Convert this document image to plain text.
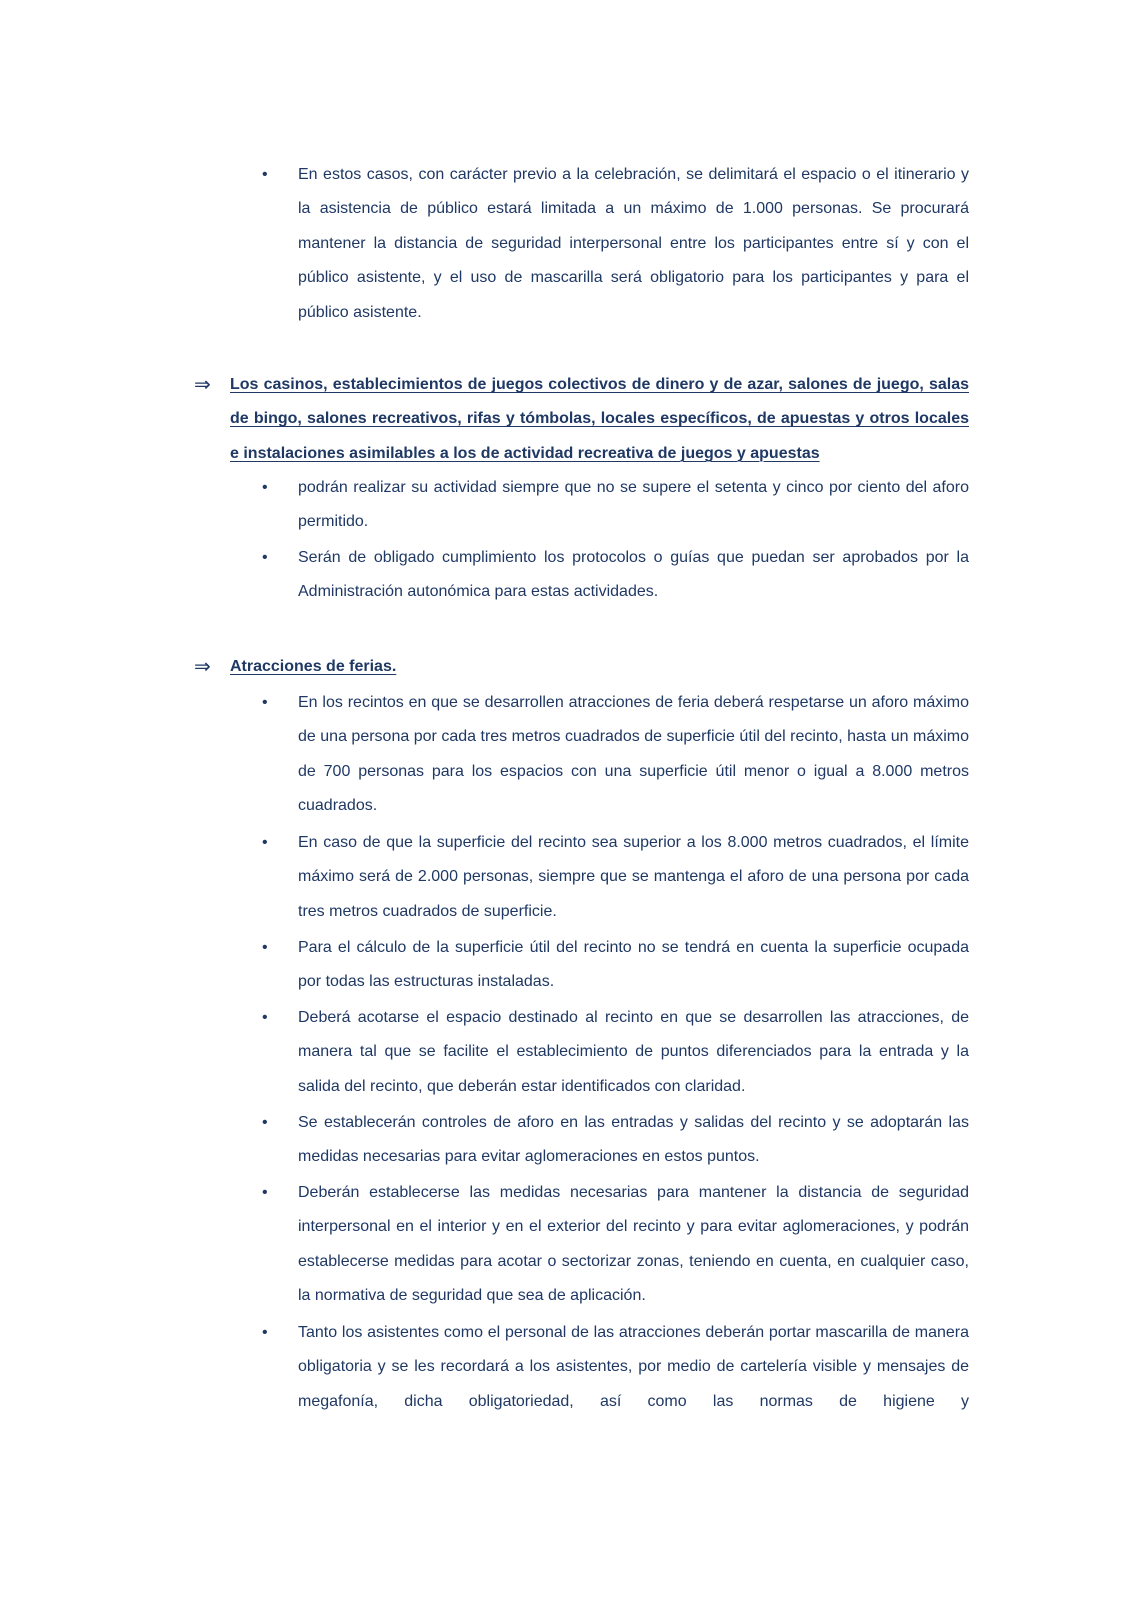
• En estos casos, con carácter previo a la celebración, se delimitará el espacio o el itinerario y la asistencia de público estará limitada a un máximo de 1.000 personas. Se procurará mantener la distancia de seguridad interpersonal entre los participantes entre sí y con el público asistente, y el uso de mascarilla será obligatorio para los participantes y para el público asistente.

⇒	Los casinos, establecimientos de juegos colectivos de dinero y de azar, salones de juego, salas de bingo, salones recreativos, rifas y tómbolas, locales específicos, de apuestas y otros locales e instalaciones asimilables a los de actividad recreativa de juegos y apuestas

• podrán realizar su actividad siempre que no se supere el setenta y cinco por ciento del aforo permitido.

• Serán de obligado cumplimiento los protocolos o guías que puedan ser aprobados por la Administración autonómica para estas actividades.

⇒	Atracciones de ferias.

• En los recintos en que se desarrollen atracciones de feria deberá respetarse un aforo máximo de una persona por cada tres metros cuadrados de superficie útil del recinto, hasta un máximo de 700 personas para los espacios con una superficie útil menor o igual a 8.000 metros cuadrados.

• En caso de que la superficie del recinto sea superior a los 8.000 metros cuadrados, el límite máximo será de 2.000 personas, siempre que se mantenga el aforo de una persona por cada tres metros cuadrados de superficie.

• Para el cálculo de la superficie útil del recinto no se tendrá en cuenta la superficie ocupada por todas las estructuras instaladas.

• Deberá acotarse el espacio destinado al recinto en que se desarrollen las atracciones, de manera tal que se facilite el establecimiento de puntos diferenciados para la entrada y la salida del recinto, que deberán estar identificados con claridad.

• Se establecerán controles de aforo en las entradas y salidas del recinto y se adoptarán las medidas necesarias para evitar aglomeraciones en estos puntos.

• Deberán establecerse las medidas necesarias para mantener la distancia de seguridad interpersonal en el interior y en el exterior del recinto y para evitar aglomeraciones, y podrán establecerse medidas para acotar o sectorizar zonas, teniendo en cuenta, en cualquier caso, la normativa de seguridad que sea de aplicación.

• Tanto los asistentes como el personal de las atracciones deberán portar mascarilla de manera obligatoria y se les recordará a los asistentes, por medio de cartelería visible y mensajes de megafonía, dicha obligatoriedad, así como las normas de higiene y
